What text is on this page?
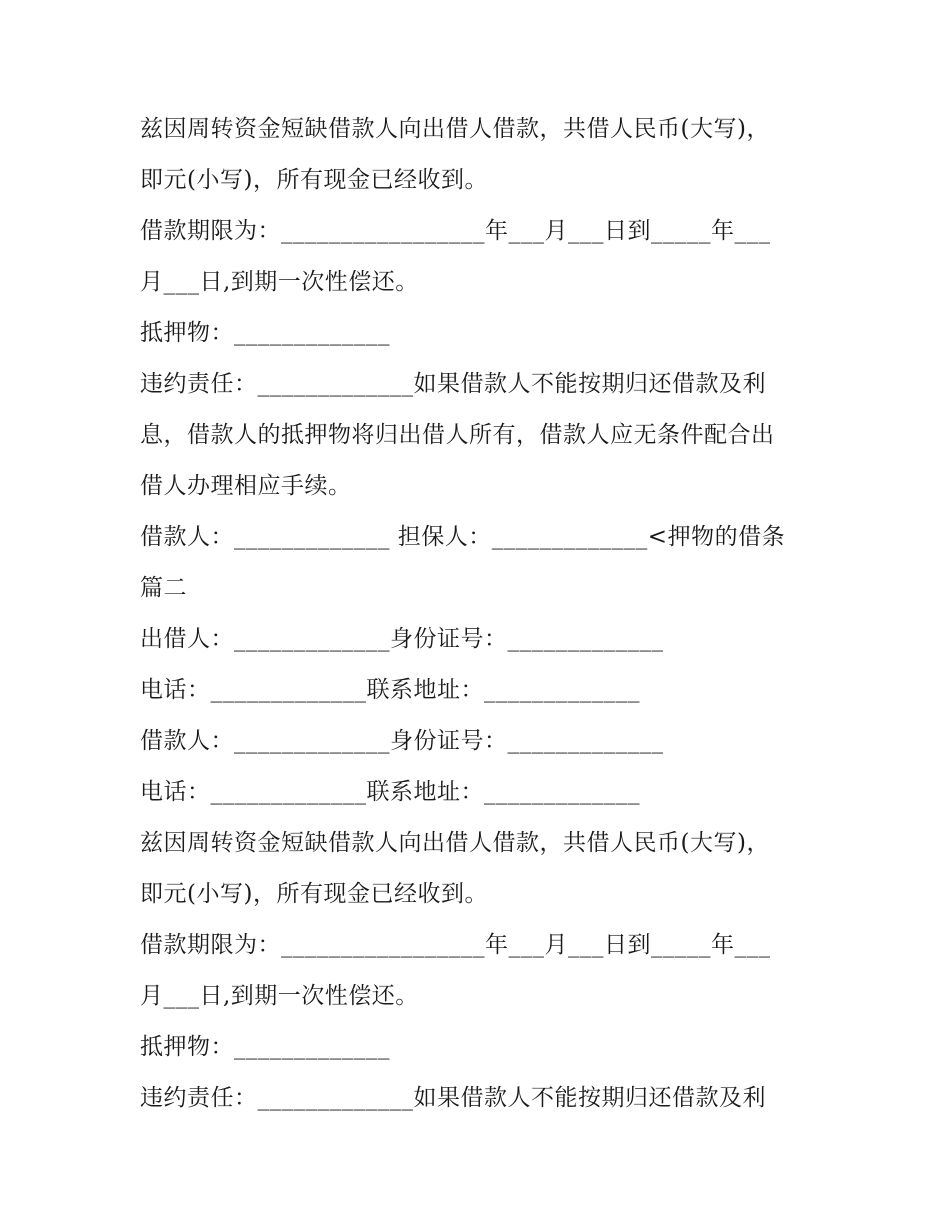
兹因周转资金短缺借款人向出借人借款，共借人民币(大写)，
即元(小写)，所有现金已经收到。
借款期限为：_________________年___月___日到_____年___
月___日,到期一次性偿还。
抵押物：_____________
违约责任：_____________如果借款人不能按期归还借款及利
息，借款人的抵押物将归出借人所有，借款人应无条件配合出
借人办理相应手续。
借款人：_____________ 担保人：_____________<押物的借条
篇二
出借人：_____________身份证号：_____________
电话：_____________联系地址：_____________
借款人：_____________身份证号：_____________
电话：_____________联系地址：_____________
兹因周转资金短缺借款人向出借人借款，共借人民币(大写)，
即元(小写)，所有现金已经收到。
借款期限为：_________________年___月___日到_____年___
月___日,到期一次性偿还。
抵押物：_____________
违约责任：_____________如果借款人不能按期归还借款及利
